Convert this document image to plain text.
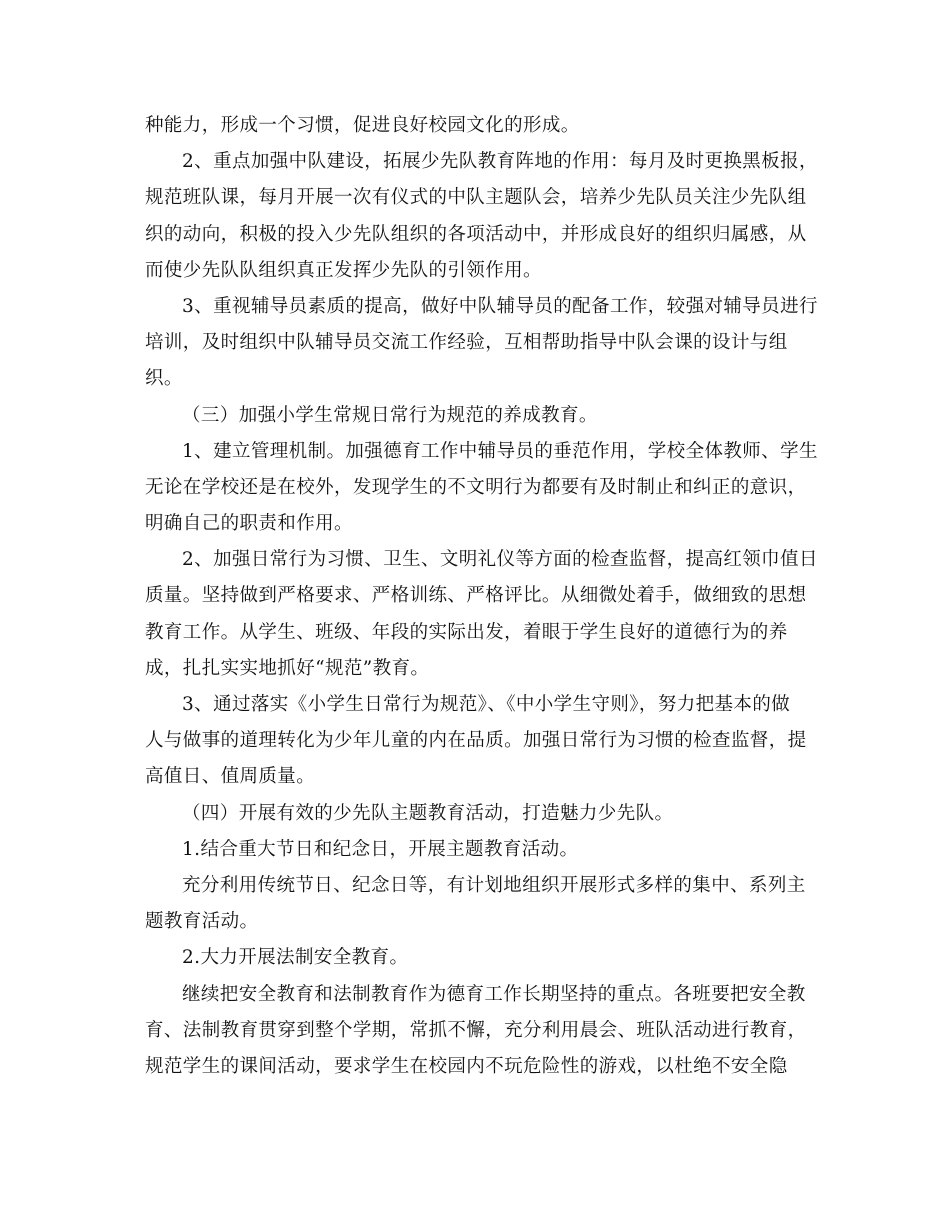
种能力，形成一个习惯，促进良好校园文化的形成。
2、重点加强中队建设，拓展少先队教育阵地的作用：每月及时更换黑板报，
规范班队课，每月开展一次有仪式的中队主题队会，培养少先队员关注少先队组
织的动向，积极的投入少先队组织的各项活动中，并形成良好的组织归属感，从
而使少先队队组织真正发挥少先队的引领作用。
3、重视辅导员素质的提高，做好中队辅导员的配备工作，较强对辅导员进行
培训，及时组织中队辅导员交流工作经验，互相帮助指导中队会课的设计与组
织。
（三）加强小学生常规日常行为规范的养成教育。
1、建立管理机制。加强德育工作中辅导员的垂范作用，学校全体教师、学生
无论在学校还是在校外，发现学生的不文明行为都要有及时制止和纠正的意识，
明确自己的职责和作用。
2、加强日常行为习惯、卫生、文明礼仪等方面的检查监督，提高红领巾值日
质量。坚持做到严格要求、严格训练、严格评比。从细微处着手，做细致的思想
教育工作。从学生、班级、年段的实际出发，着眼于学生良好的道德行为的养
成，扎扎实实地抓好“规范”教育。
3、通过落实《小学生日常行为规范》、《中小学生守则》，努力把基本的做
人与做事的道理转化为少年儿童的内在品质。加强日常行为习惯的检查监督，提
高值日、值周质量。
（四）开展有效的少先队主题教育活动，打造魅力少先队。
1.结合重大节日和纪念日，开展主题教育活动。
充分利用传统节日、纪念日等，有计划地组织开展形式多样的集中、系列主
题教育活动。
2.大力开展法制安全教育。
继续把安全教育和法制教育作为德育工作长期坚持的重点。各班要把安全教
育、法制教育贯穿到整个学期，常抓不懈，充分利用晨会、班队活动进行教育，
规范学生的课间活动，要求学生在校园内不玩危险性的游戏，以杜绝不安全隐
